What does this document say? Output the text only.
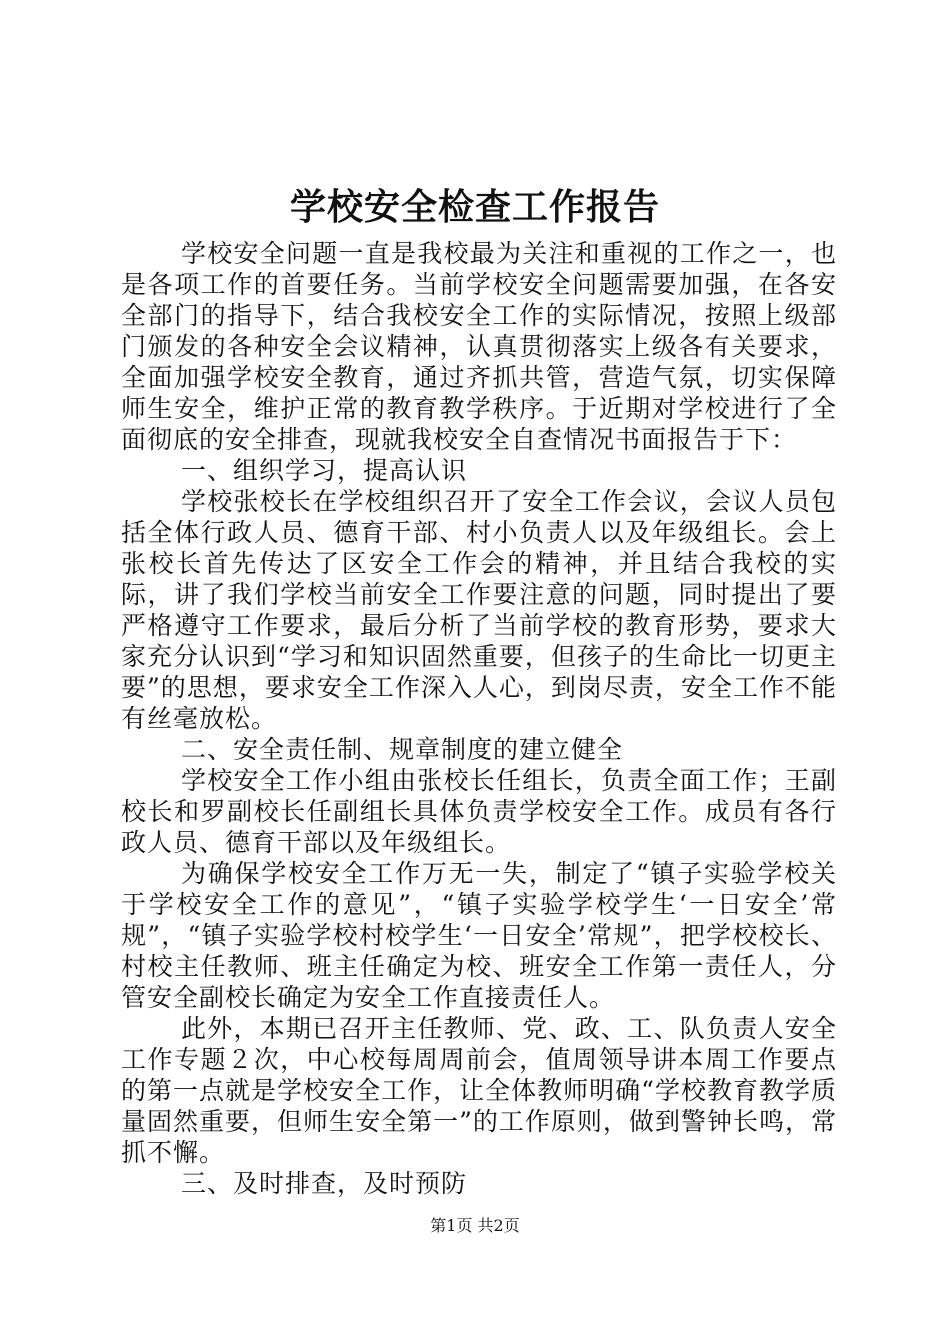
学校安全检查工作报告

学校安全问题一直是我校最为关注和重视的工作之一，也是各项工作的首要任务。当前学校安全问题需要加强，在各安全部门的指导下，结合我校安全工作的实际情况，按照上级部门颁发的各种安全会议精神，认真贯彻落实上级各有关要求，全面加强学校安全教育，通过齐抓共管，营造气氛，切实保障师生安全，维护正常的教育教学秩序。于近期对学校进行了全面彻底的安全排查，现就我校安全自查情况书面报告于下：

一、组织学习，提高认识

学校张校长在学校组织召开了安全工作会议，会议人员包括全体行政人员、德育干部、村小负责人以及年级组长。会上张校长首先传达了区安全工作会的精神，并且结合我校的实际，讲了我们学校当前安全工作要注意的问题，同时提出了要严格遵守工作要求，最后分析了当前学校的教育形势，要求大家充分认识到“学习和知识固然重要，但孩子的生命比一切更主要”的思想，要求安全工作深入人心，到岗尽责，安全工作不能有丝毫放松。

二、安全责任制、规章制度的建立健全

学校安全工作小组由张校长任组长，负责全面工作；王副校长和罗副校长任副组长具体负责学校安全工作。成员有各行政人员、德育干部以及年级组长。

为确保学校安全工作万无一失，制定了“镇子实验学校关于学校安全工作的意见”，“镇子实验学校学生‘一日安全’常规”，“镇子实验学校村校学生‘一日安全’常规”，把学校校长、村校主任教师、班主任确定为校、班安全工作第一责任人，分管安全副校长确定为安全工作直接责任人。

此外，本期已召开主任教师、党、政、工、队负责人安全工作专题２次，中心校每周周前会，值周领导讲本周工作要点的第一点就是学校安全工作，让全体教师明确“学校教育教学质量固然重要，但师生安全第一”的工作原则，做到警钟长鸣，常抓不懈。

三、及时排查，及时预防

第1页 共2页
